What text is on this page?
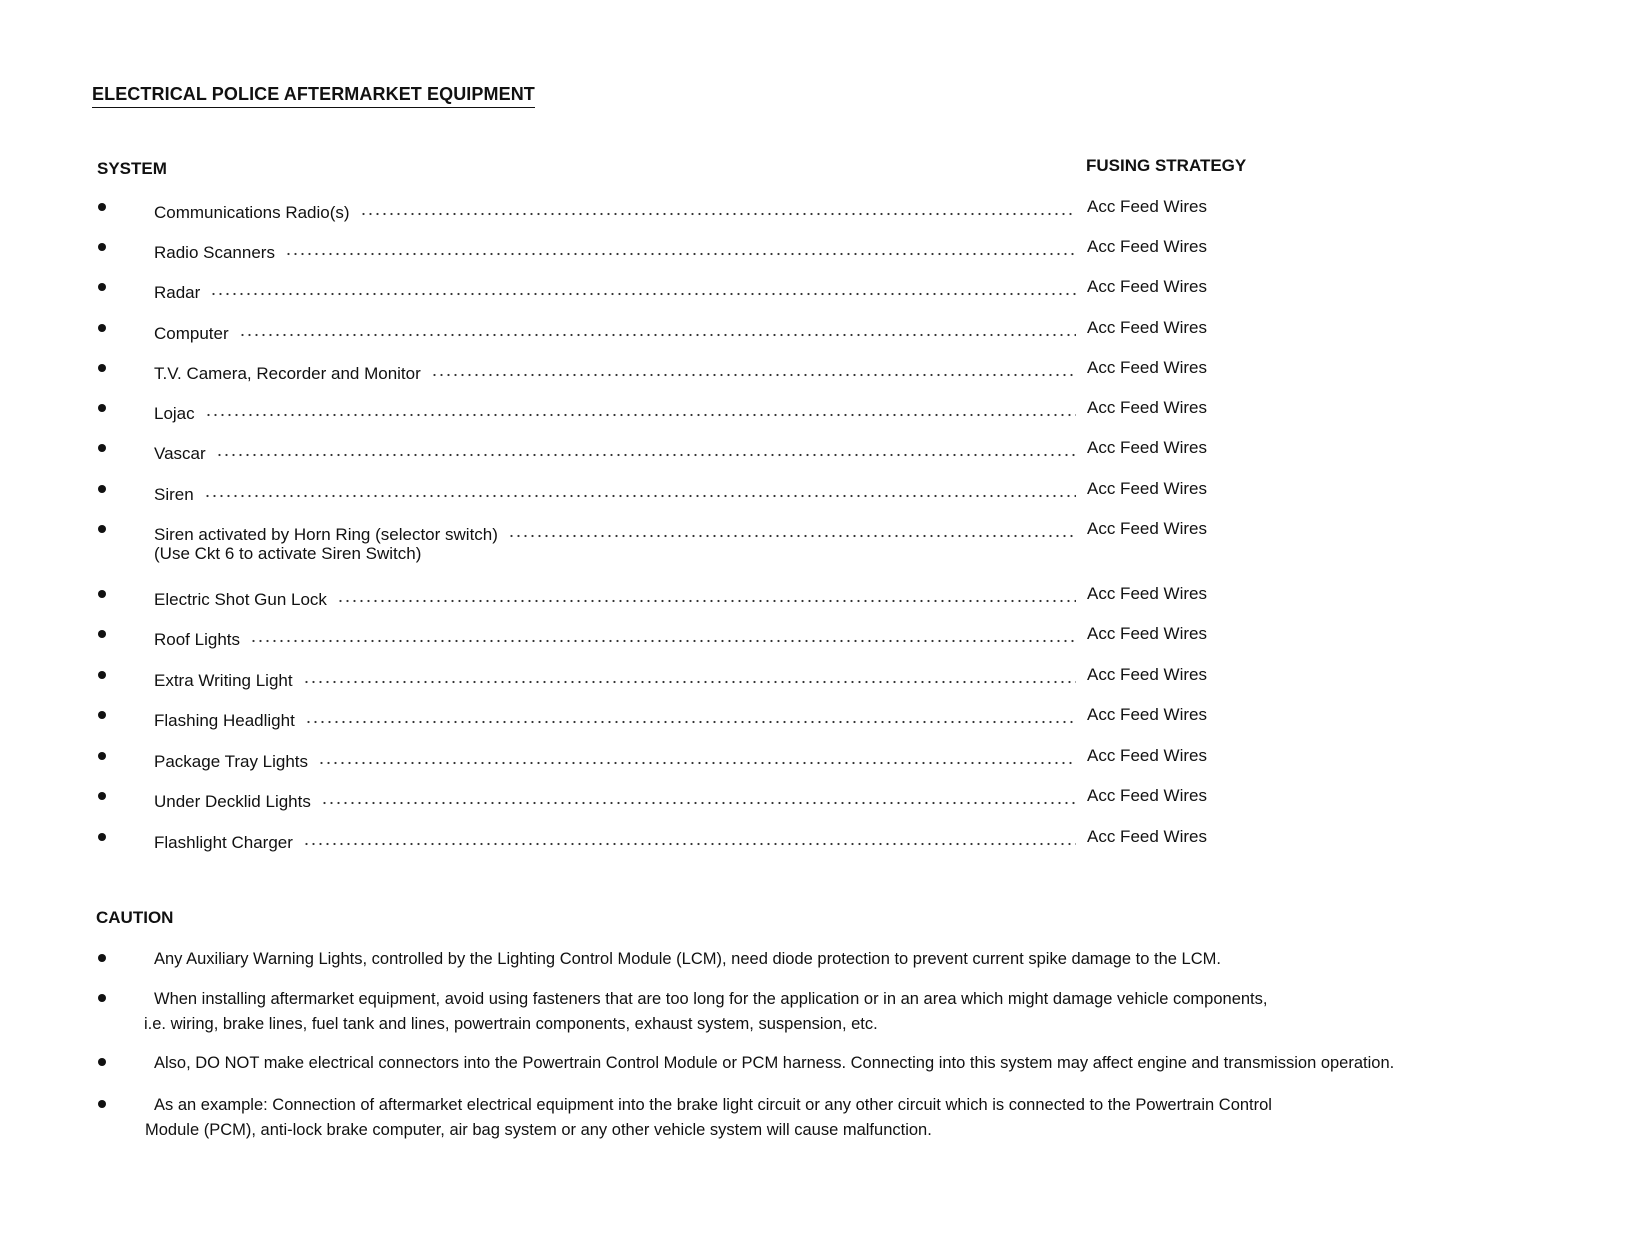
ELECTRICAL POLICE AFTERMARKET EQUIPMENT
SYSTEM	FUSING STRATEGY
Communications Radio(s)	Acc Feed Wires
Radio Scanners	Acc Feed Wires
Radar	Acc Feed Wires
Computer	Acc Feed Wires
T.V. Camera, Recorder and Monitor	Acc Feed Wires
Lojac	Acc Feed Wires
Vascar	Acc Feed Wires
Siren	Acc Feed Wires
Siren activated by Horn Ring (selector switch)	Acc Feed Wires
(Use Ckt 6 to activate Siren Switch)
Electric Shot Gun Lock	Acc Feed Wires
Roof Lights	Acc Feed Wires
Extra Writing Light	Acc Feed Wires
Flashing Headlight	Acc Feed Wires
Package Tray Lights	Acc Feed Wires
Under Decklid Lights	Acc Feed Wires
Flashlight Charger	Acc Feed Wires
CAUTION
Any Auxiliary Warning Lights, controlled by the Lighting Control Module (LCM), need diode protection to prevent current spike damage to the LCM.
When installing aftermarket equipment, avoid using fasteners that are too long for the application or in an area which might damage vehicle components,
i.e. wiring, brake lines, fuel tank and lines, powertrain components, exhaust system, suspension, etc.
Also, DO NOT make electrical connectors into the Powertrain Control Module or PCM harness. Connecting into this system may affect engine and transmission operation.
As an example: Connection of aftermarket electrical equipment into the brake light circuit or any other circuit which is connected to the Powertrain Control
Module (PCM), anti-lock brake computer, air bag system or any other vehicle system will cause malfunction.
